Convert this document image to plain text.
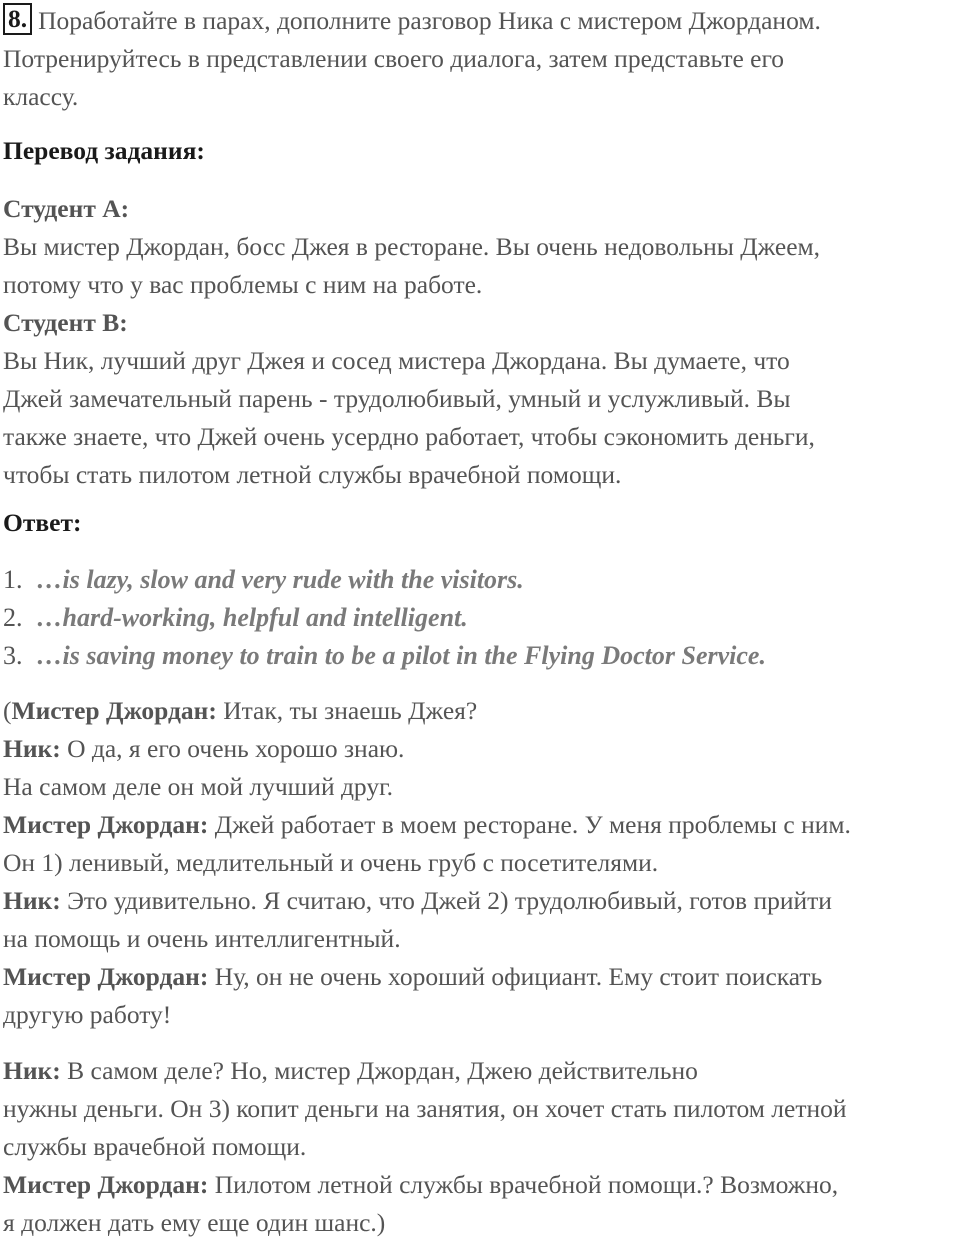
8. Поработайте в парах, дополните разговор Ника с мистером Джорданом.
Потренируйтесь в представлении своего диалога, затем представьте его
классу.
Перевод задания:
Студент А:
Вы мистер Джордан, босс Джея в ресторане. Вы очень недовольны Джеем,
потому что у вас проблемы с ним на работе.
Студент В:
Вы Ник, лучший друг Джея и сосед мистера Джордана. Вы думаете, что
Джей замечательный парень - трудолюбивый, умный и услужливый. Вы
также знаете, что Джей очень усердно работает, чтобы сэкономить деньги,
чтобы стать пилотом летной службы врачебной помощи.
Ответ:
1. …is lazy, slow and very rude with the visitors.
2. …hard-working, helpful and intelligent.
3. …is saving money to train to be a pilot in the Flying Doctor Service.
(Мистер Джордан: Итак, ты знаешь Джея?
Ник: О да, я его очень хорошо знаю.
На самом деле он мой лучший друг.
Мистер Джордан: Джей работает в моем ресторане. У меня проблемы с ним.
Он 1) ленивый, медлительный и очень груб с посетителями.
Ник: Это удивительно. Я считаю, что Джей 2) трудолюбивый, готов прийти
на помощь и очень интеллигентный.
Мистер Джордан: Ну, он не очень хороший официант. Ему стоит поискать
другую работу!
Ник: В самом деле? Но, мистер Джордан, Джею действительно
нужны деньги. Он 3) копит деньги на занятия, он хочет стать пилотом летной
службы врачебной помощи.
Мистер Джордан: Пилотом летной службы врачебной помощи.? Возможно,
я должен дать ему еще один шанс.)
